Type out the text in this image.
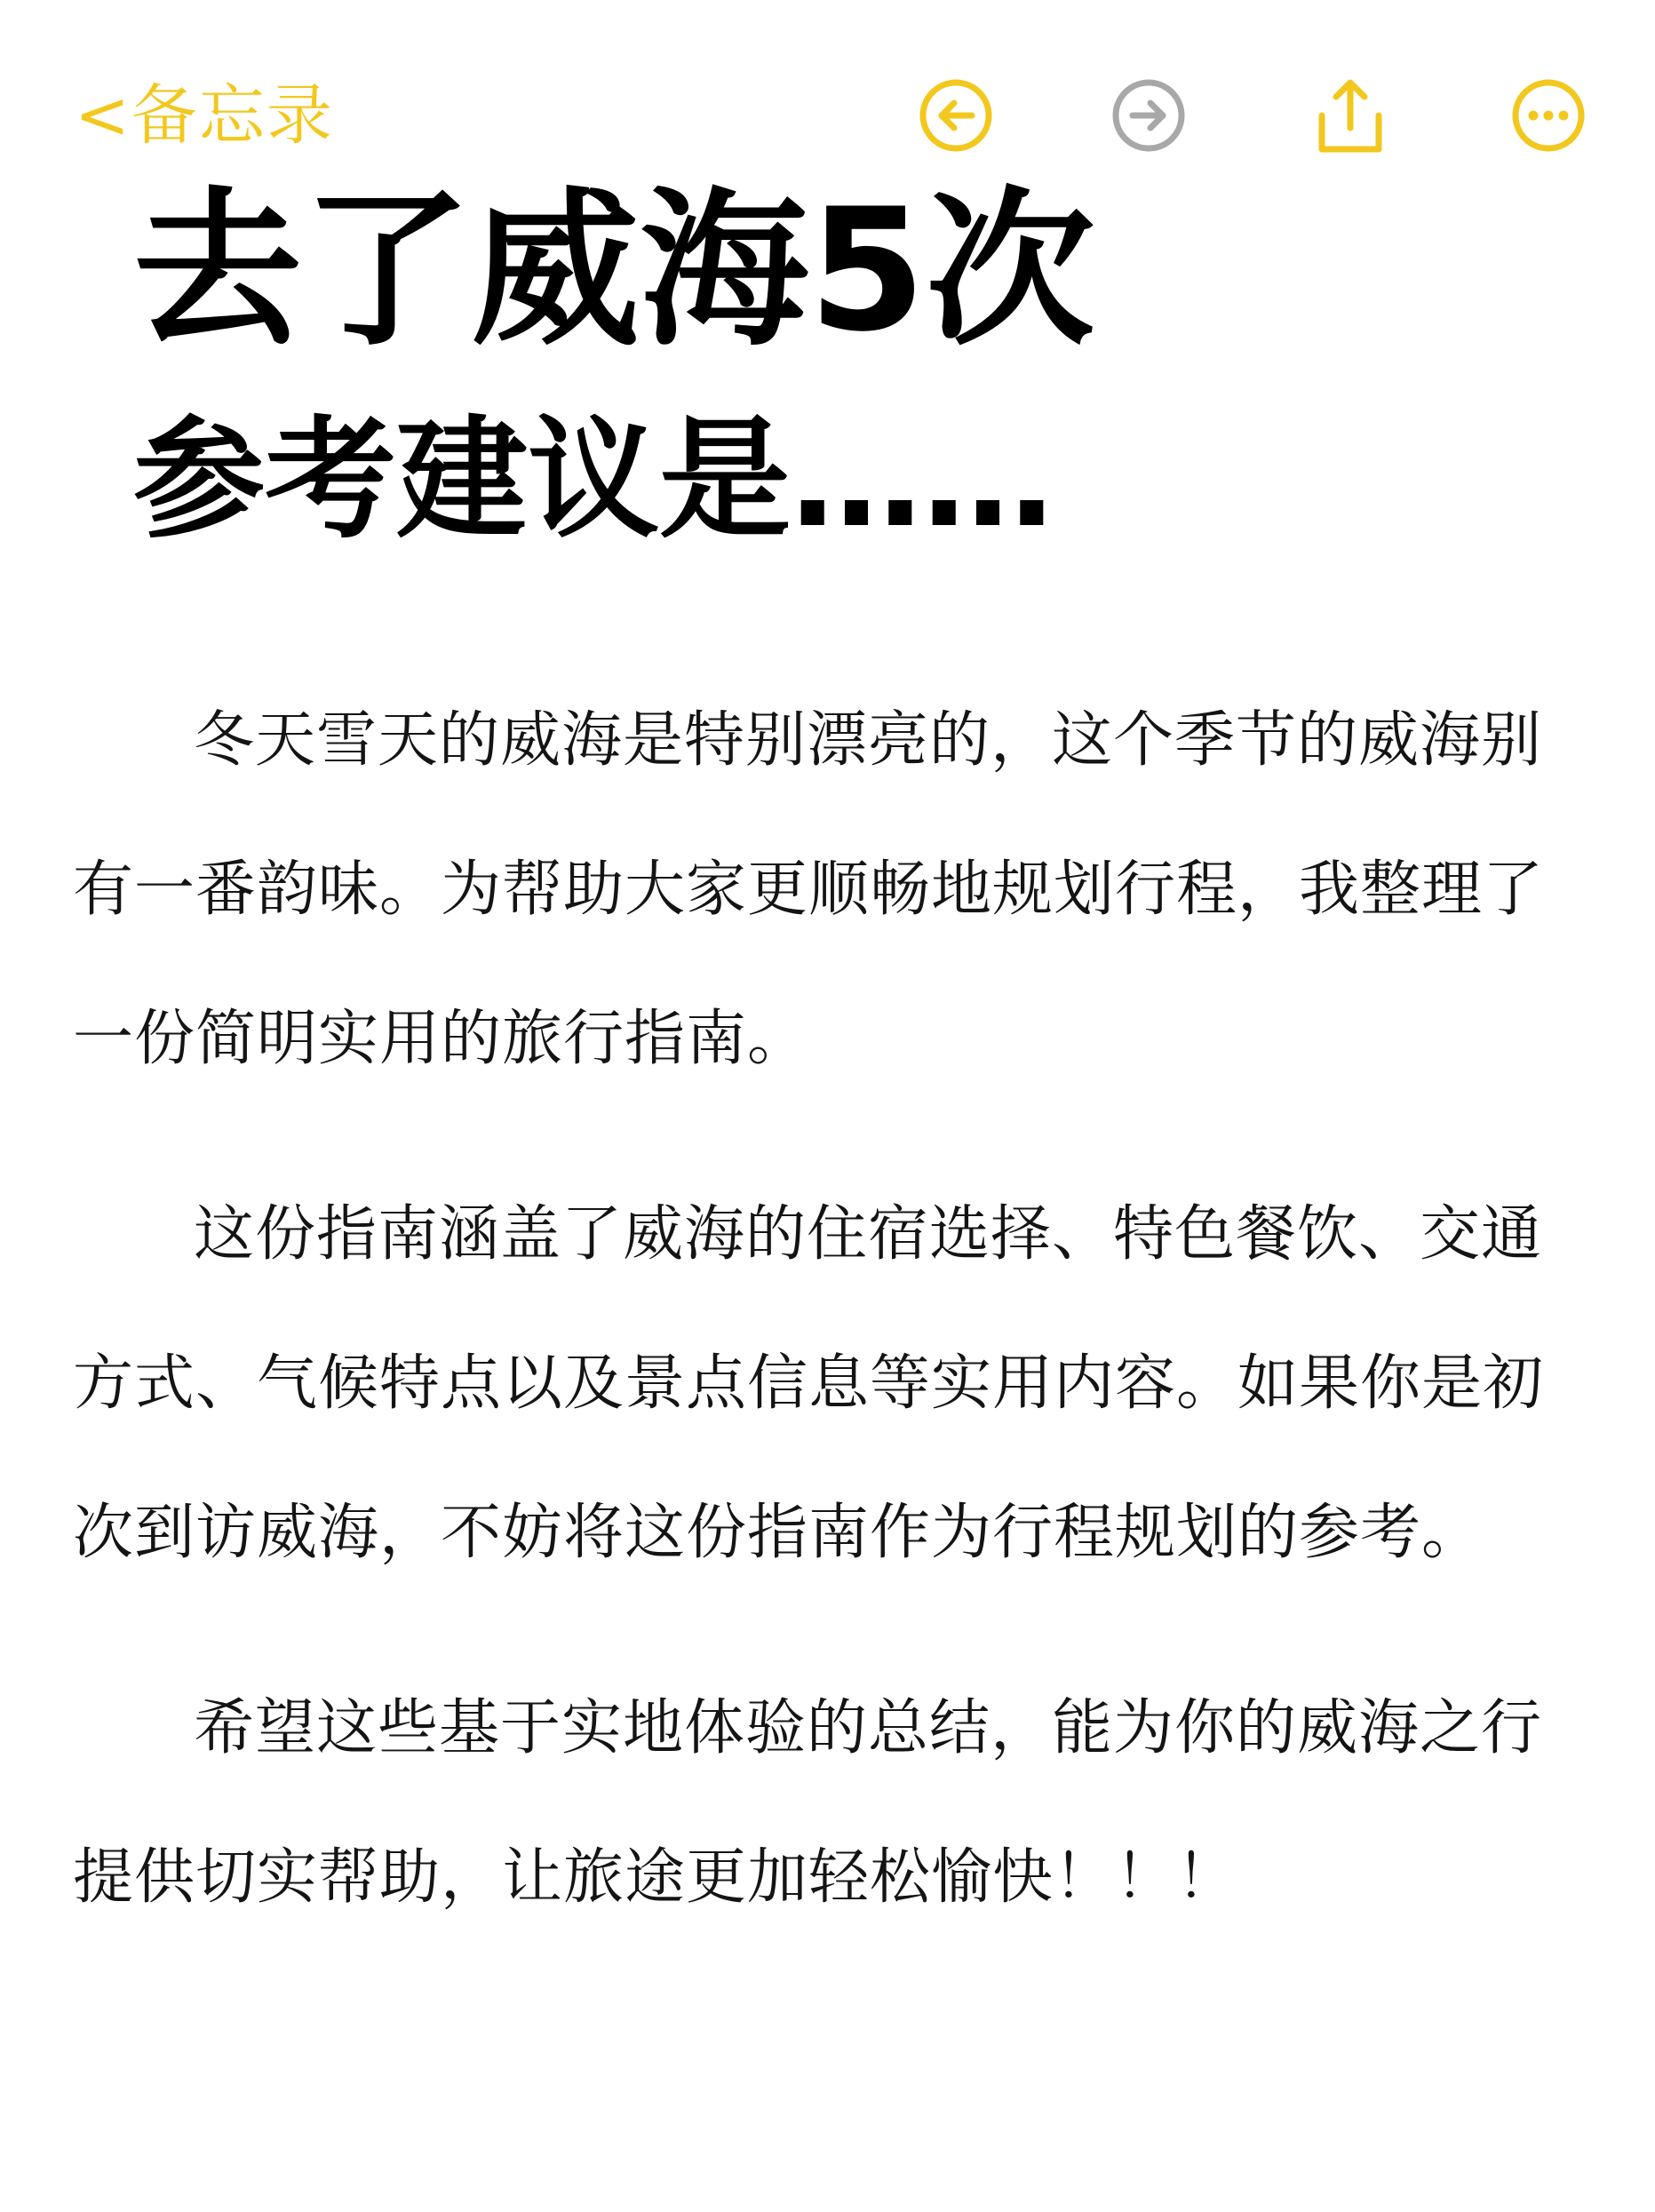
<备忘录
去了威海5次
参考建议是……

冬天雪天的威海是特别漂亮的，这个季节的威海别有一番韵味。为帮助大家更顺畅地规划行程，我整理了一份简明实用的旅行指南。

这份指南涵盖了威海的住宿选择、特色餐饮、交通方式、气候特点以及景点信息等实用内容。如果你是初次到访威海，不妨将这份指南作为行程规划的参考。

希望这些基于实地体验的总结，能为你的威海之行提供切实帮助，让旅途更加轻松愉快！！！
